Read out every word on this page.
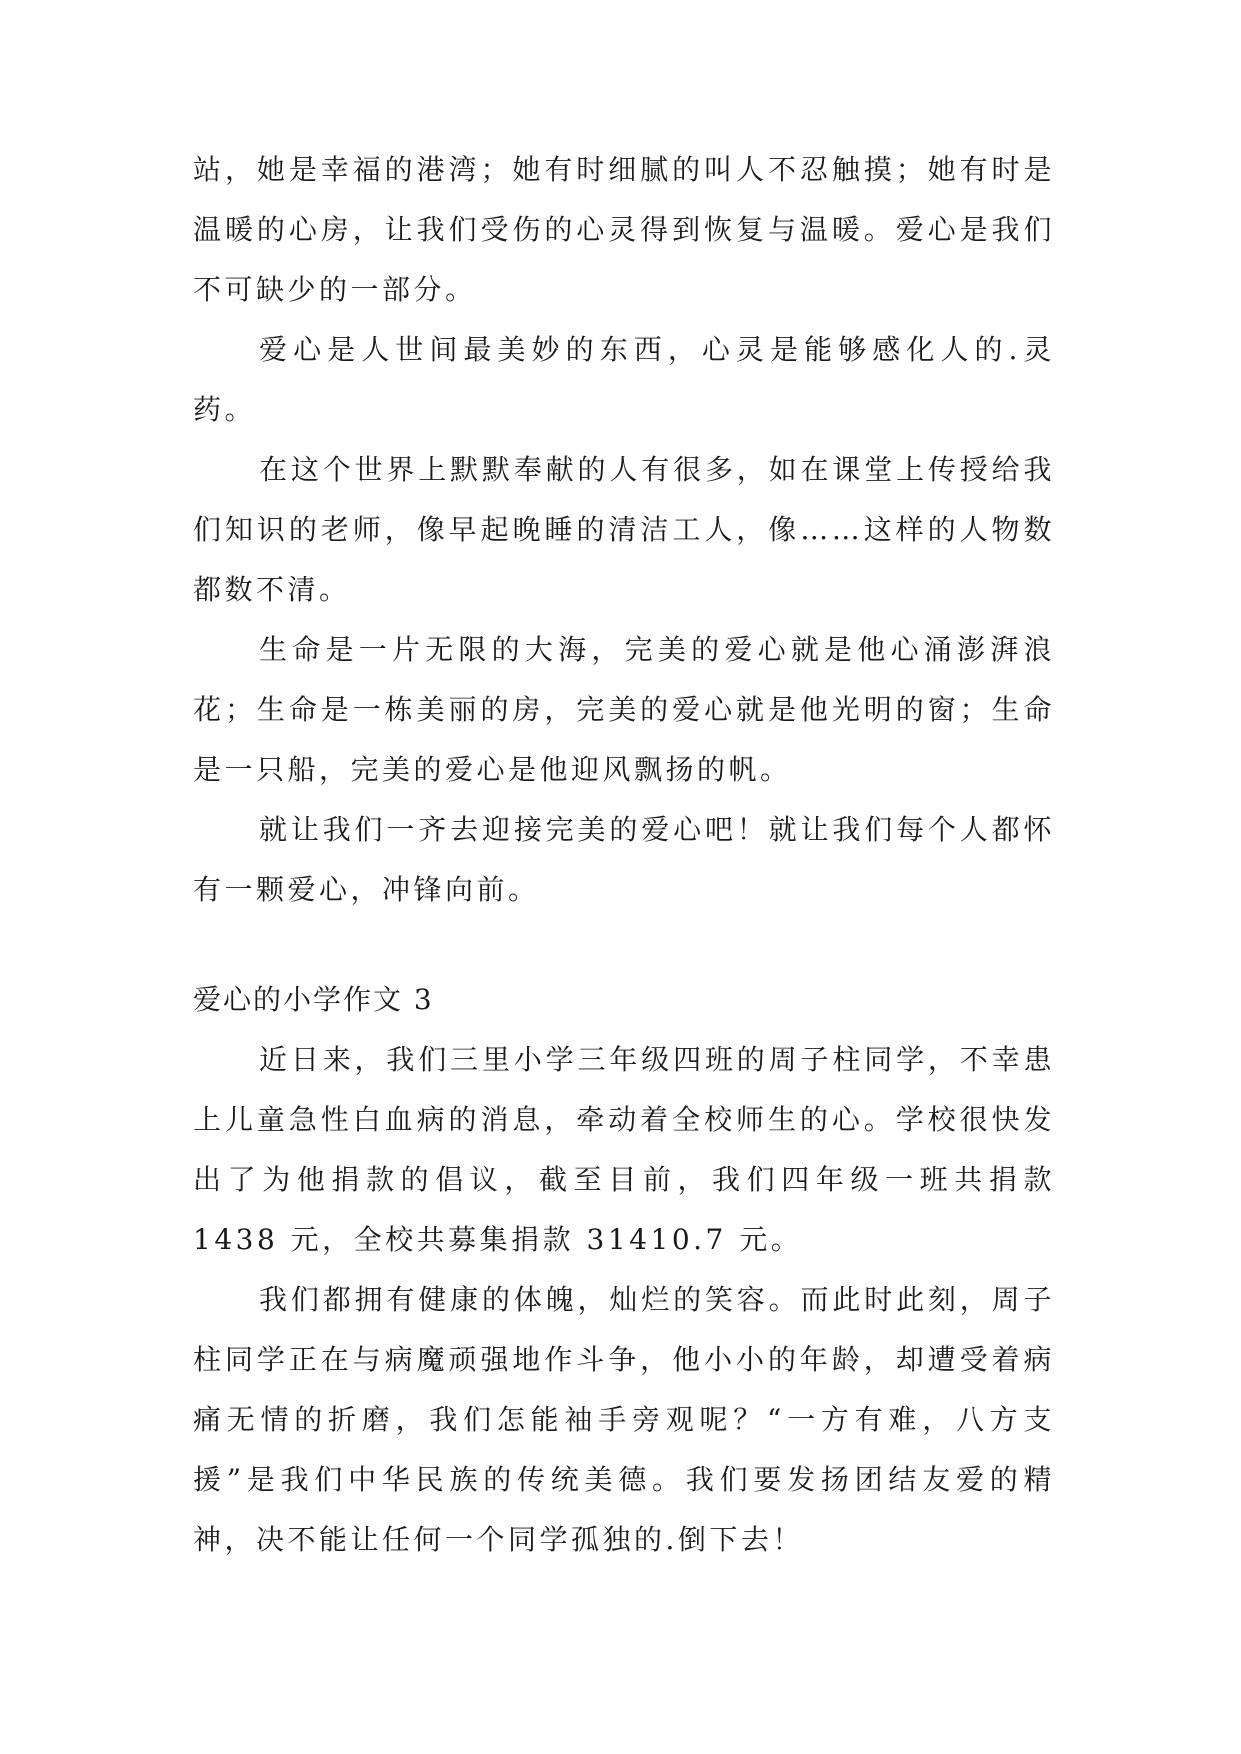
站，她是幸福的港湾；她有时细腻的叫人不忍触摸；她有时是温暖的心房，让我们受伤的心灵得到恢复与温暖。爱心是我们不可缺少的一部分。

爱心是人世间最美妙的东西，心灵是能够感化人的.灵药。

在这个世界上默默奉献的人有很多，如在课堂上传授给我们知识的老师，像早起晚睡的清洁工人，像……这样的人物数都数不清。

生命是一片无限的大海，完美的爱心就是他心涌澎湃浪花；生命是一栋美丽的房，完美的爱心就是他光明的窗；生命是一只船，完美的爱心是他迎风飘扬的帆。

就让我们一齐去迎接完美的爱心吧！就让我们每个人都怀有一颗爱心，冲锋向前。

爱心的小学作文 3

近日来，我们三里小学三年级四班的周子柱同学，不幸患上儿童急性白血病的消息，牵动着全校师生的心。学校很快发出了为他捐款的倡议，截至目前，我们四年级一班共捐款 1438 元，全校共募集捐款 31410.7 元。

我们都拥有健康的体魄，灿烂的笑容。而此时此刻，周子柱同学正在与病魔顽强地作斗争，他小小的年龄，却遭受着病痛无情的折磨，我们怎能袖手旁观呢？“一方有难，八方支援”是我们中华民族的传统美德。我们要发扬团结友爱的精神，决不能让任何一个同学孤独的.倒下去！
